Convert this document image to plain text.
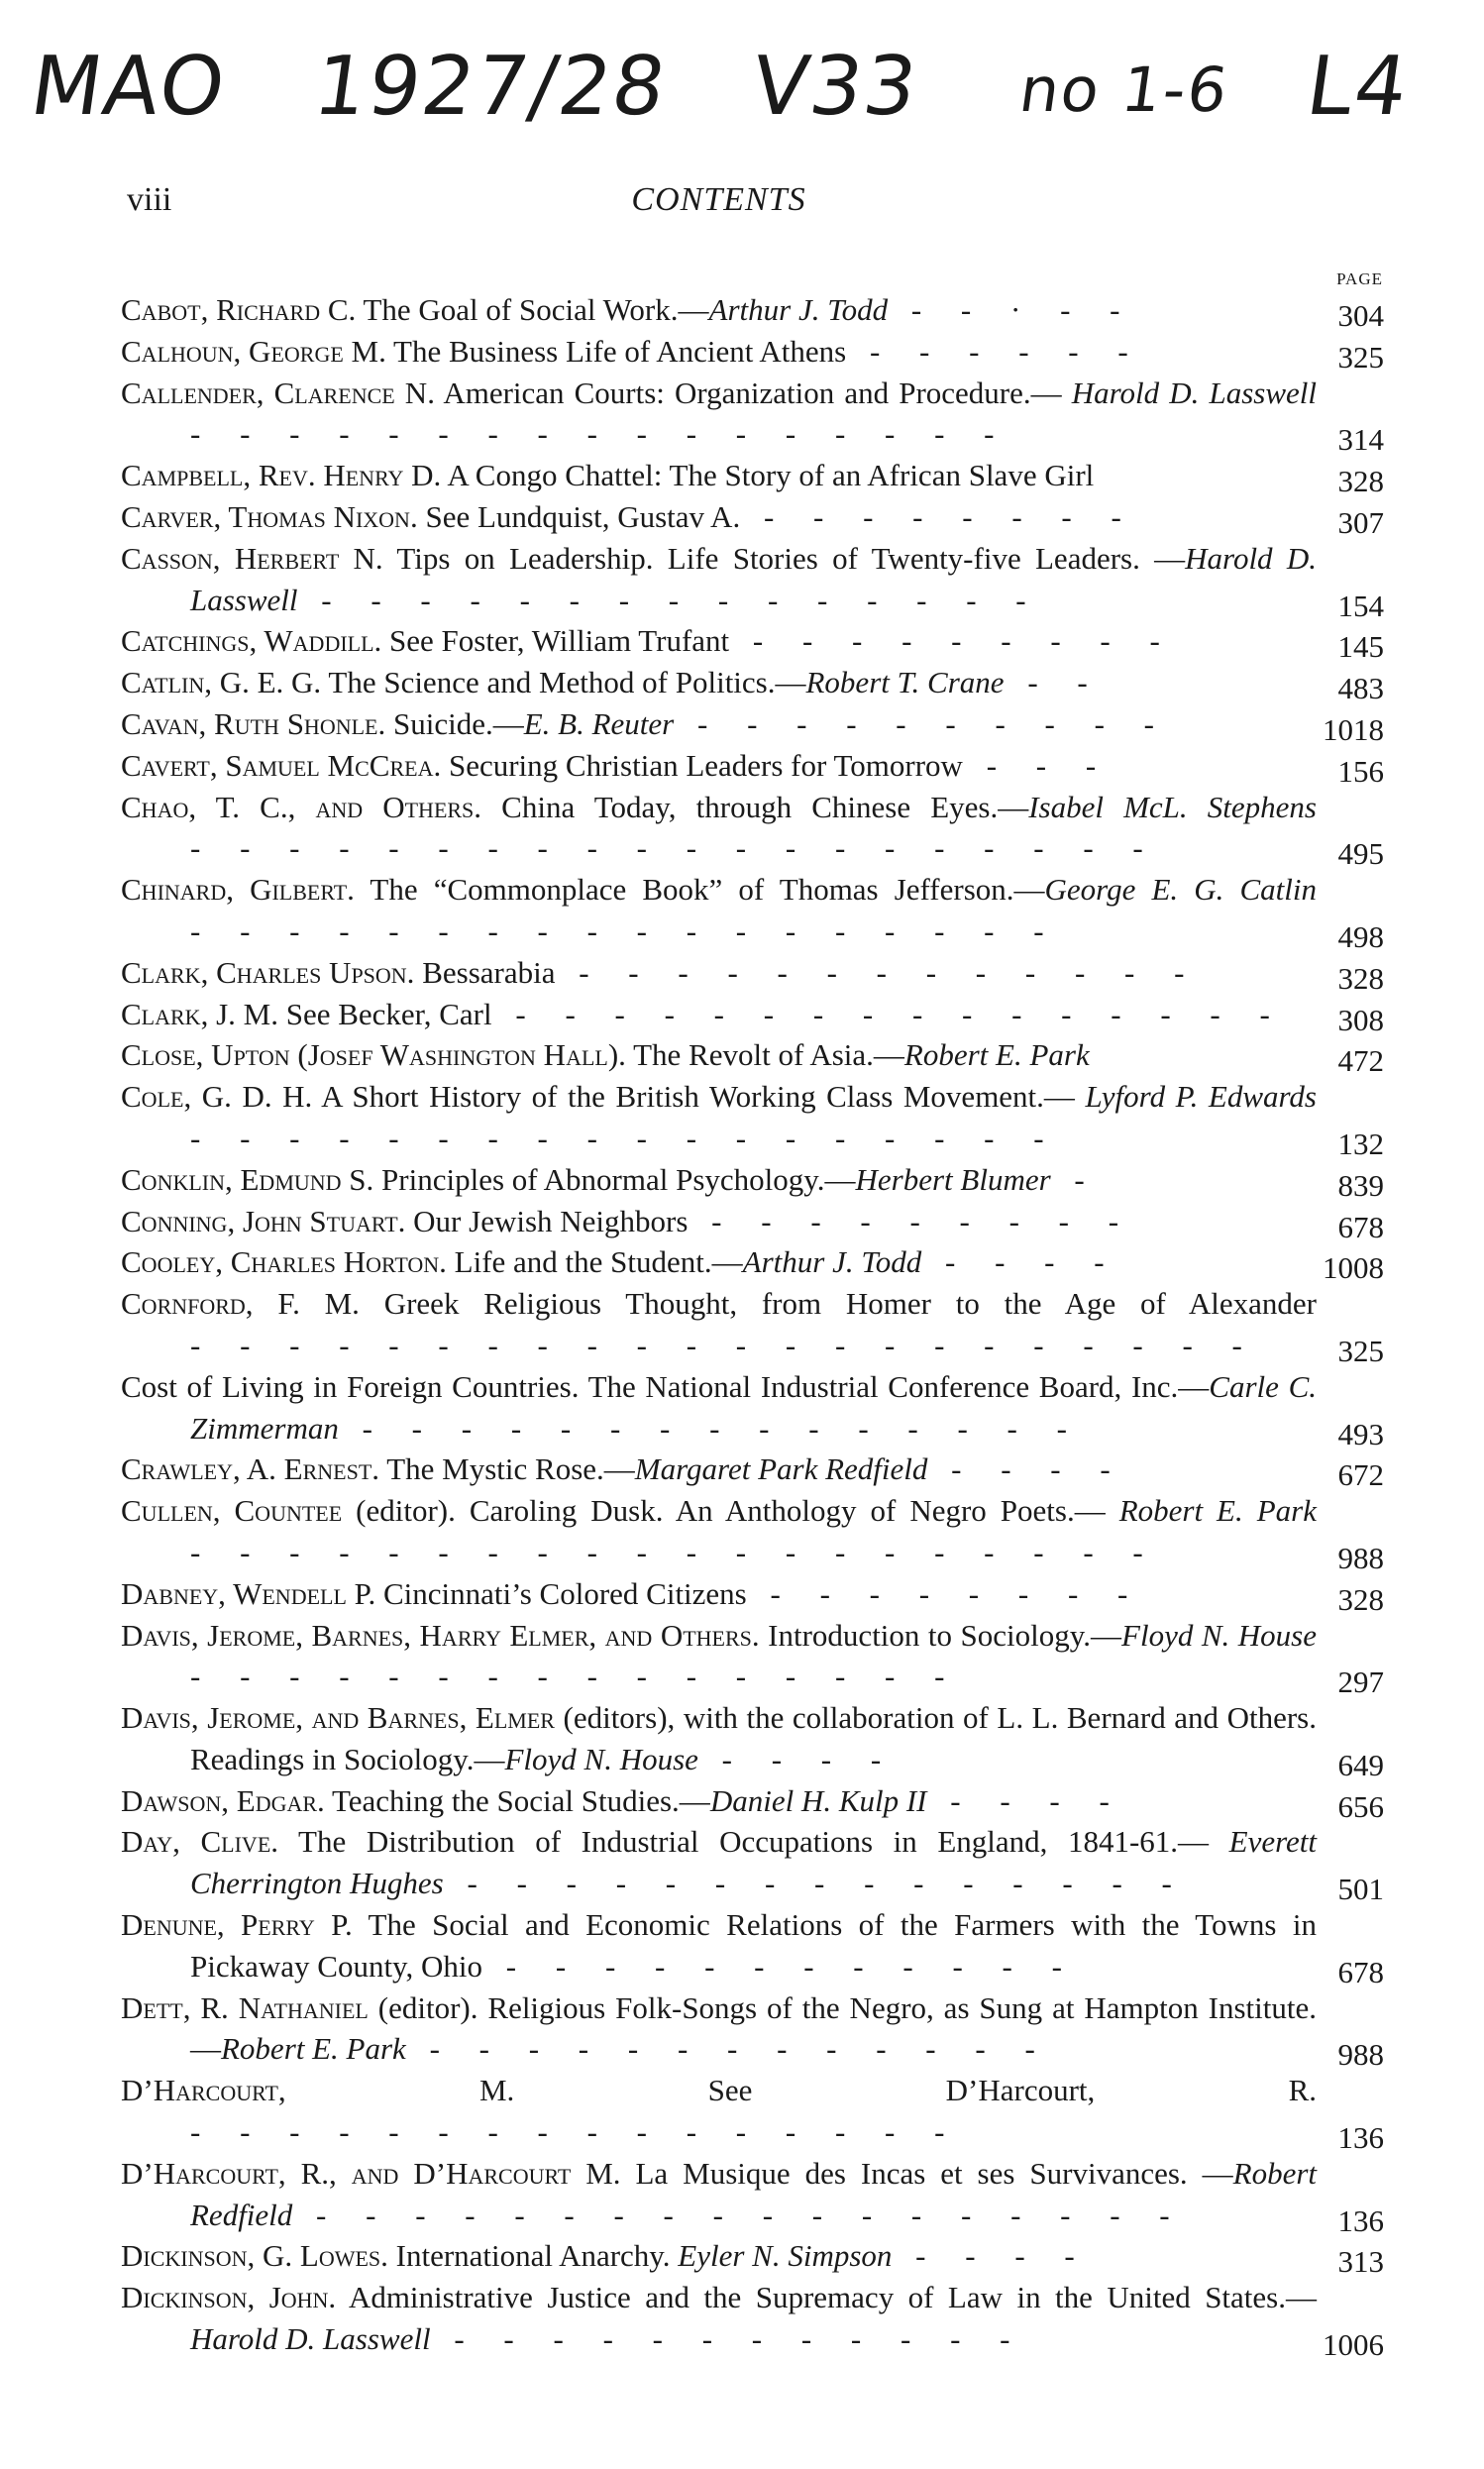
MAO 1927/28 V33 no 1-6 L4
viii	CONTENTS
PAGE
Cabot, Richard C. The Goal of Social Work.—Arthur J. Todd - - · - -	304
Calhoun, George M. The Business Life of Ancient Athens - - - - - -	325
Callender, Clarence N. American Courts: Organization and Procedure.— Harold D. Lasswell - - - - - - - - - - - - - - - - -	314
Campbell, Rev. Henry D. A Congo Chattel: The Story of an African Slave Girl	328
Carver, Thomas Nixon. See Lundquist, Gustav A. - - - - - - - -	307
Casson, Herbert N. Tips on Leadership. Life Stories of Twenty-five Leaders. —Harold D. Lasswell - - - - - - - - - - - - - - -	154
Catchings, Waddill. See Foster, William Trufant - - - - - - - - -	145
Catlin, G. E. G. The Science and Method of Politics.—Robert T. Crane - -	483
Cavan, Ruth Shonle. Suicide.—E. B. Reuter - - - - - - - - - -	1018
Cavert, Samuel McCrea. Securing Christian Leaders for Tomorrow - - -	156
Chao, T. C., and Others. China Today, through Chinese Eyes.—Isabel McL. Stephens - - - - - - - - - - - - - - - - - - - -	495
Chinard, Gilbert. The “Commonplace Book” of Thomas Jefferson.—George E. G. Catlin - - - - - - - - - - - - - - - - - -	498
Clark, Charles Upson. Bessarabia - - - - - - - - - - - - -	328
Clark, J. M. See Becker, Carl - - - - - - - - - - - - - - - -	308
Close, Upton (Josef Washington Hall). The Revolt of Asia.—Robert E. Park	472
Cole, G. D. H. A Short History of the British Working Class Movement.— Lyford P. Edwards - - - - - - - - - - - - - - - - - -	132
Conklin, Edmund S. Principles of Abnormal Psychology.—Herbert Blumer -	839
Conning, John Stuart. Our Jewish Neighbors - - - - - - - - -	678
Cooley, Charles Horton. Life and the Student.—Arthur J. Todd - - - -	1008
Cornford, F. M. Greek Religious Thought, from Homer to the Age of Alexander - - - - - - - - - - - - - - - - - - - - - -	325
Cost of Living in Foreign Countries. The National Industrial Conference Board, Inc.—Carle C. Zimmerman - - - - - - - - - - - - - - -	493
Crawley, A. Ernest. The Mystic Rose.—Margaret Park Redfield - - - -	672
Cullen, Countee (editor). Caroling Dusk. An Anthology of Negro Poets.— Robert E. Park - - - - - - - - - - - - - - - - - - - -	988
Dabney, Wendell P. Cincinnati’s Colored Citizens - - - - - - - -	328
Davis, Jerome, Barnes, Harry Elmer, and Others. Introduction to Sociology.—Floyd N. House - - - - - - - - - - - - - - - -	297
Davis, Jerome, and Barnes, Elmer (editors), with the collaboration of L. L. Bernard and Others. Readings in Sociology.—Floyd N. House - - - -	649
Dawson, Edgar. Teaching the Social Studies.—Daniel H. Kulp II - - - -	656
Day, Clive. The Distribution of Industrial Occupations in England, 1841-61.— Everett Cherrington Hughes - - - - - - - - - - - - - - -	501
Denune, Perry P. The Social and Economic Relations of the Farmers with the Towns in Pickaway County, Ohio - - - - - - - - - - - -	678
Dett, R. Nathaniel (editor). Religious Folk-Songs of the Negro, as Sung at Hampton Institute.—Robert E. Park - - - - - - - - - - - - -	988
D’Harcourt, M. See D’Harcourt, R. - - - - - - - - - - - - - - - -	136
D’Harcourt, R., and D’Harcourt M. La Musique des Incas et ses Survivances. —Robert Redfield - - - - - - - - - - - - - - - - - -	136
Dickinson, G. Lowes. International Anarchy. Eyler N. Simpson - - - -	313
Dickinson, John. Administrative Justice and the Supremacy of Law in the United States.—Harold D. Lasswell - - - - - - - - - - - -	1006
